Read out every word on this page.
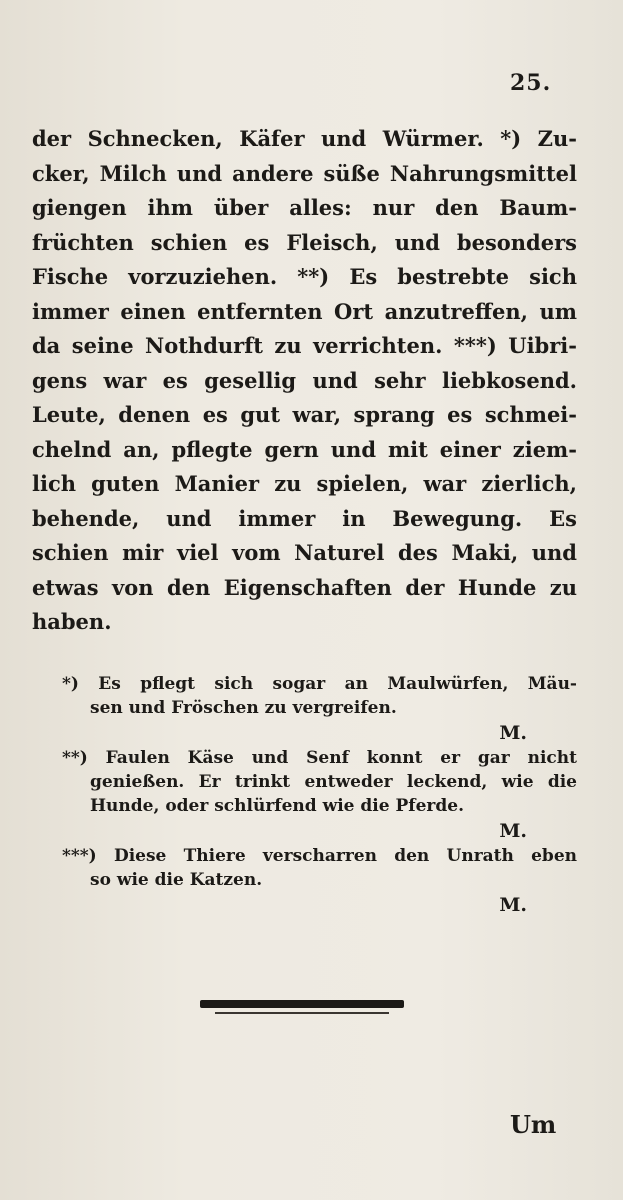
25.
der Schnecken, Käfer und Würmer. *) Zu-
cker, Milch und andere süße Nahrungsmittel
giengen ihm über alles: nur den Baum-
früchten schien es Fleisch, und besonders
Fische vorzuziehen. **) Es bestrebte sich
immer einen entfernten Ort anzutreffen, um
da seine Nothdurft zu verrichten. ***) Uibri-
gens war es gesellig und sehr liebkosend.
Leute, denen es gut war, sprang es schmei-
chelnd an, pflegte gern und mit einer ziem-
lich guten Manier zu spielen, war zierlich,
behende, und immer in Bewegung. Es
schien mir viel vom Naturel des Maki, und
etwas von den Eigenschaften der Hunde zu
haben.
*) Es pflegt sich sogar an Maulwürfen, Mäu-
sen und Fröschen zu vergreifen.
M.
**) Faulen Käse und Senf konnt er gar nicht
genießen. Er trinkt entweder leckend, wie die
Hunde, oder schlürfend wie die Pferde.
M.
***) Diese Thiere verscharren den Unrath eben
so wie die Katzen.
M.
Um
